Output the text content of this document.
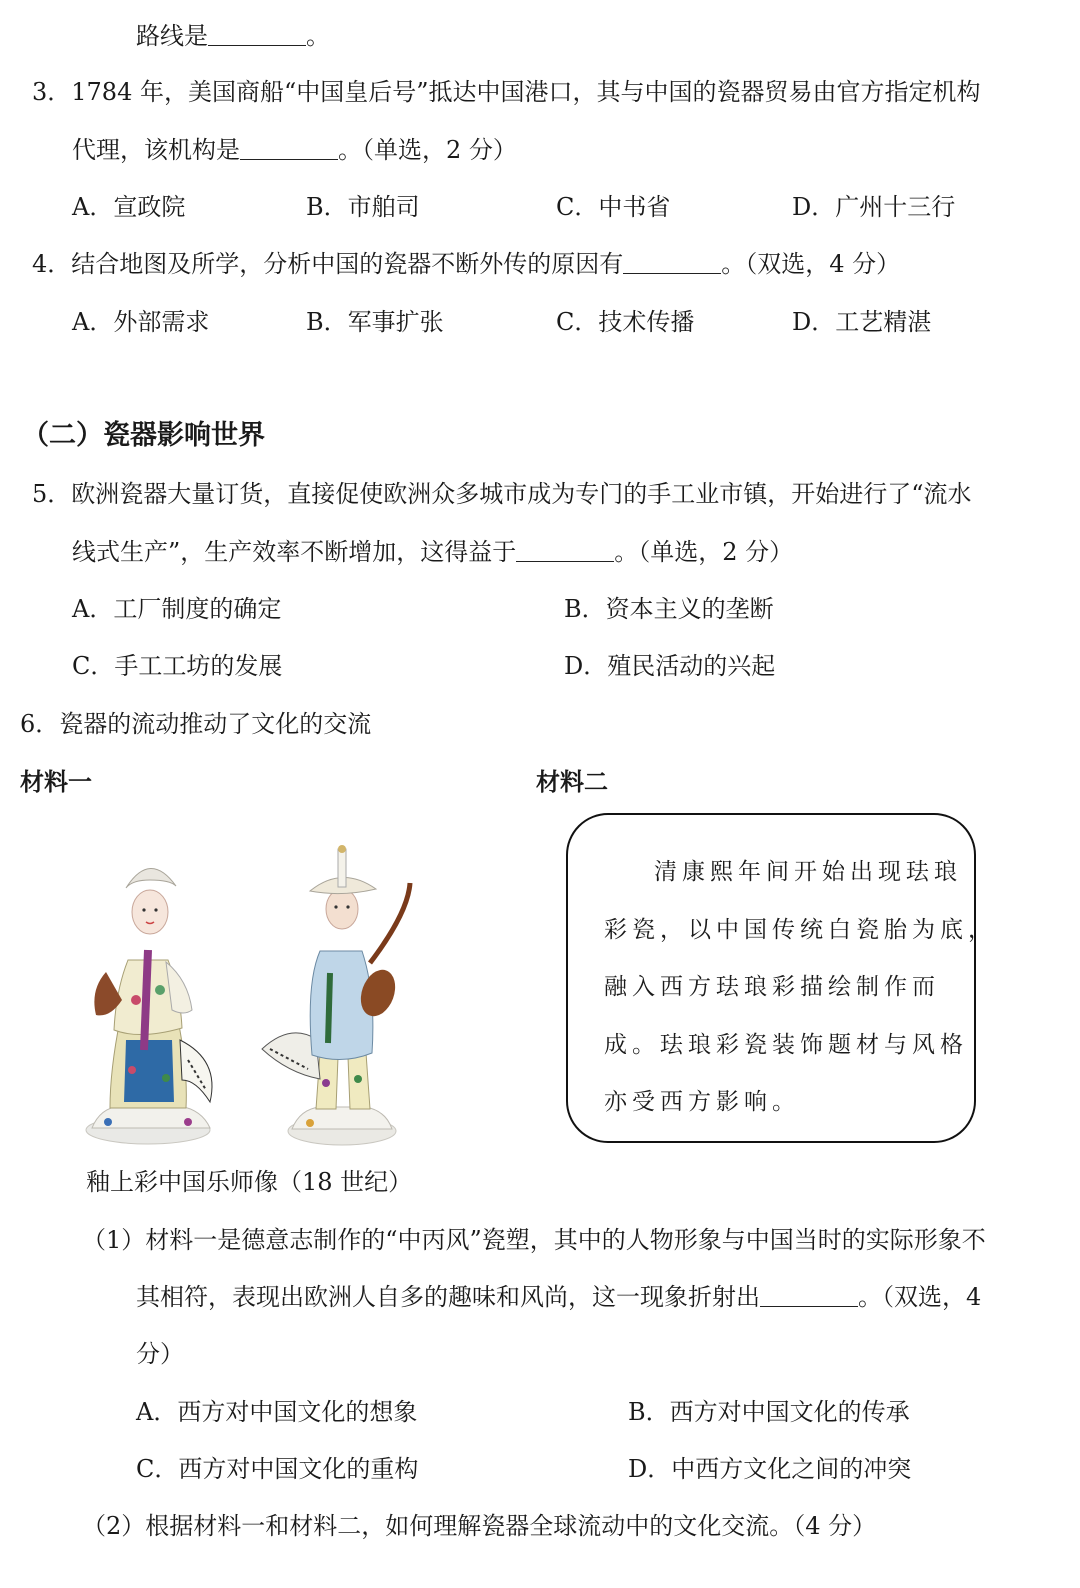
路线是	。
3．1784 年，美国商船“中国皇后号”抵达中国港口，其与中国的瓷器贸易由官方指定机构
代理，该机构是	。（单选，2 分）
A．宣政院	B．市舶司	C．中书省	D．广州十三行
4．结合地图及所学，分析中国的瓷器不断外传的原因有	。（双选，4 分）
A．外部需求	B．军事扩张	C．技术传播	D．工艺精湛
（二）瓷器影响世界
5．欧洲瓷器大量订货，直接促使欧洲众多城市成为专门的手工业市镇，开始进行了“流水
线式生产”，生产效率不断增加，这得益于	。（单选，2 分）
A．工厂制度的确定	B．资本主义的垄断
C．手工工坊的发展	D．殖民活动的兴起
6．瓷器的流动推动了文化的交流
材料一	材料二
釉上彩中国乐师像（18 世纪）
清康熙年间开始出现珐琅
彩瓷，以中国传统白瓷胎为底，
融入西方珐琅彩描绘制作而
成。珐琅彩瓷装饰题材与风格
亦受西方影响。
（1）材料一是德意志制作的“中丙风”瓷塑，其中的人物形象与中国当时的实际形象不
其相符，表现出欧洲人自多的趣味和风尚，这一现象折射出	。（双选，4
分）
A．西方对中国文化的想象	B．西方对中国文化的传承
C．西方对中国文化的重构	D．中西方文化之间的冲突
（2）根据材料一和材料二，如何理解瓷器全球流动中的文化交流。（4 分）
